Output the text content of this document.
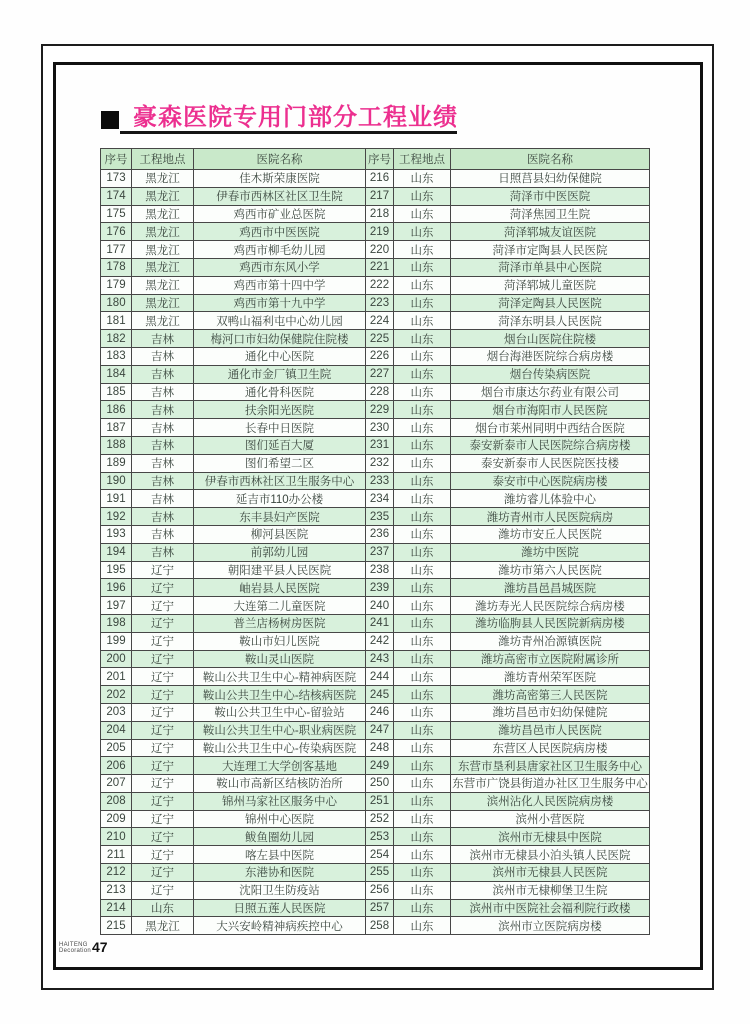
豪森医院专用门部分工程业绩
序号	工程地点	医院名称	序号	工程地点	医院名称
173	黑龙江	佳木斯荣康医院	216	山东	日照莒县妇幼保健院
174	黑龙江	伊春市西林区社区卫生院	217	山东	菏泽市中医医院
175	黑龙江	鸡西市矿业总医院	218	山东	菏泽焦园卫生院
176	黑龙江	鸡西市中医医院	219	山东	菏泽郓城友谊医院
177	黑龙江	鸡西市柳毛幼儿园	220	山东	菏泽市定陶县人民医院
178	黑龙江	鸡西市东风小学	221	山东	菏泽市单县中心医院
179	黑龙江	鸡西市第十四中学	222	山东	菏泽郓城儿童医院
180	黑龙江	鸡西市第十九中学	223	山东	菏泽定陶县人民医院
181	黑龙江	双鸭山福利屯中心幼儿园	224	山东	菏泽东明县人民医院
182	吉林	梅河口市妇幼保健院住院楼	225	山东	烟台山医院住院楼
183	吉林	通化中心医院	226	山东	烟台海港医院综合病房楼
184	吉林	通化市金厂镇卫生院	227	山东	烟台传染病医院
185	吉林	通化骨科医院	228	山东	烟台市康达尔药业有限公司
186	吉林	扶余阳光医院	229	山东	烟台市海阳市人民医院
187	吉林	长春中日医院	230	山东	烟台市莱州同明中西结合医院
188	吉林	图们延百大厦	231	山东	泰安新泰市人民医院综合病房楼
189	吉林	图们希望二区	232	山东	泰安新泰市人民医院医技楼
190	吉林	伊春市西林社区卫生服务中心	233	山东	泰安市中心医院病房楼
191	吉林	延吉市110办公楼	234	山东	潍坊睿儿体验中心
192	吉林	东丰县妇产医院	235	山东	潍坊青州市人民医院病房
193	吉林	柳河县医院	236	山东	潍坊市安丘人民医院
194	吉林	前郭幼儿园	237	山东	潍坊中医院
195	辽宁	朝阳建平县人民医院	238	山东	潍坊市第六人民医院
196	辽宁	岫岩县人民医院	239	山东	潍坊昌邑昌城医院
197	辽宁	大连第二儿童医院	240	山东	潍坊寿光人民医院综合病房楼
198	辽宁	普兰店杨树房医院	241	山东	潍坊临朐县人民医院新病房楼
199	辽宁	鞍山市妇儿医院	242	山东	潍坊青州冶源镇医院
200	辽宁	鞍山灵山医院	243	山东	潍坊高密市立医院附属诊所
201	辽宁	鞍山公共卫生中心-精神病医院	244	山东	潍坊青州荣军医院
202	辽宁	鞍山公共卫生中心-结核病医院	245	山东	潍坊高密第三人民医院
203	辽宁	鞍山公共卫生中心-留验站	246	山东	潍坊昌邑市妇幼保健院
204	辽宁	鞍山公共卫生中心-职业病医院	247	山东	潍坊昌邑市人民医院
205	辽宁	鞍山公共卫生中心-传染病医院	248	山东	东营区人民医院病房楼
206	辽宁	大连理工大学创客基地	249	山东	东营市垦利县唐家社区卫生服务中心
207	辽宁	鞍山市高新区结核防治所	250	山东	东营市广饶县街道办社区卫生服务中心
208	辽宁	锦州马家社区服务中心	251	山东	滨州沾化人民医院病房楼
209	辽宁	锦州中心医院	252	山东	滨州小营医院
210	辽宁	鲅鱼圈幼儿园	253	山东	滨州市无棣县中医院
211	辽宁	喀左县中医院	254	山东	滨州市无棣县小泊头镇人民医院
212	辽宁	东港协和医院	255	山东	滨州市无棣县人民医院
213	辽宁	沈阳卫生防疫站	256	山东	滨州市无棣柳堡卫生院
214	山东	日照五莲人民医院	257	山东	滨州市中医院社会福利院行政楼
215	黑龙江	大兴安岭精神病疾控中心	258	山东	滨州市立医院病房楼
HAITENG
Decoration 47
